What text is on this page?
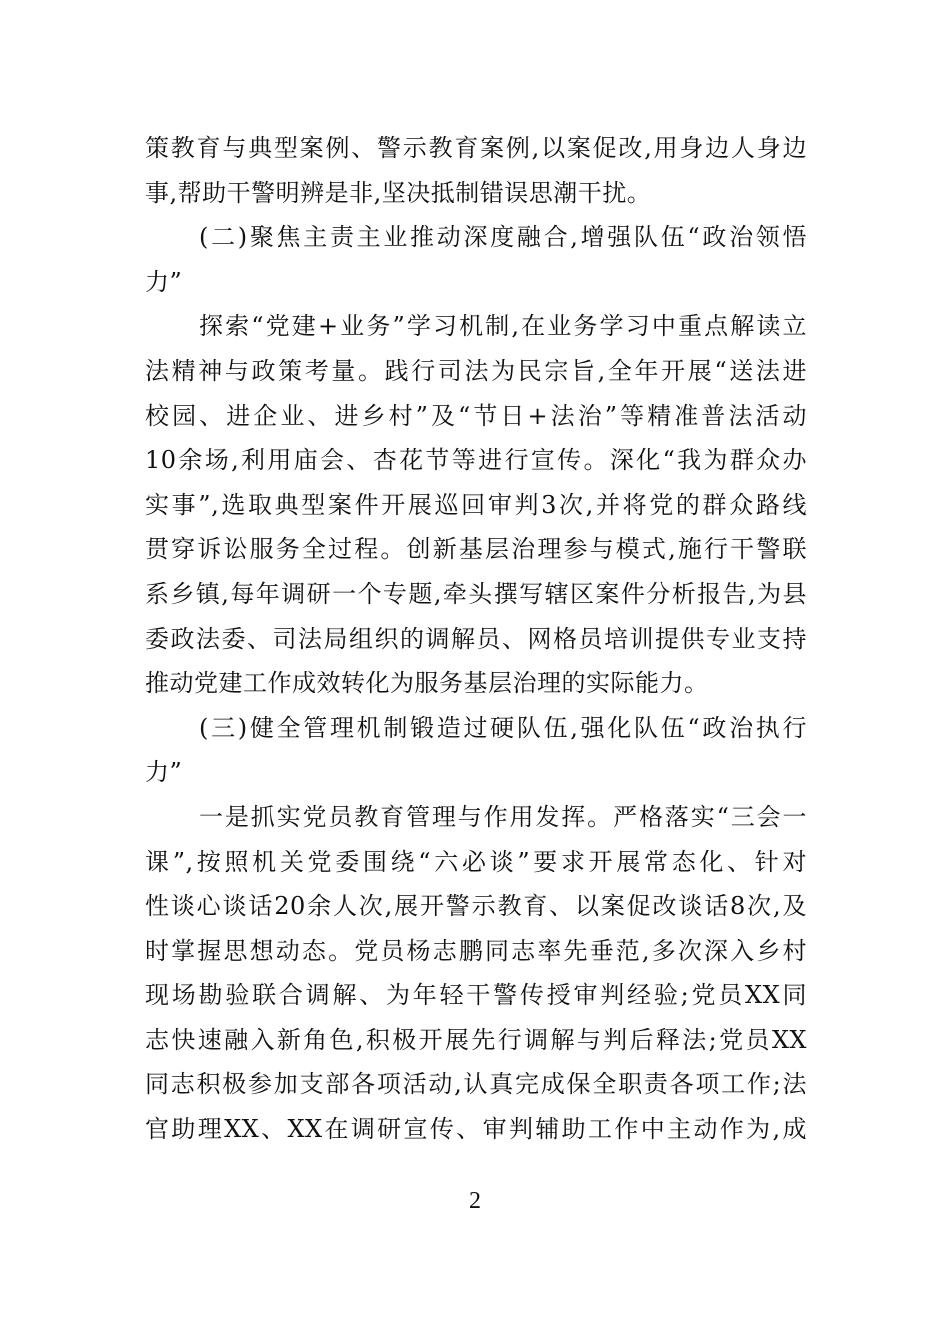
策教育与典型案例、警示教育案例,以案促改,用身边人身边
事,帮助干警明辨是非,坚决抵制错误思潮干扰。
(二)聚焦主责主业推动深度融合,增强队伍“政治领悟
力”
探索“党建+业务”学习机制,在业务学习中重点解读立
法精神与政策考量。践行司法为民宗旨,全年开展“送法进
校园、进企业、进乡村”及“节日+法治”等精准普法活动
10余场,利用庙会、杏花节等进行宣传。深化“我为群众办
实事”,选取典型案件开展巡回审判3次,并将党的群众路线
贯穿诉讼服务全过程。创新基层治理参与模式,施行干警联
系乡镇,每年调研一个专题,牵头撰写辖区案件分析报告,为县
委政法委、司法局组织的调解员、网格员培训提供专业支持
推动党建工作成效转化为服务基层治理的实际能力。
(三)健全管理机制锻造过硬队伍,强化队伍“政治执行
力”
一是抓实党员教育管理与作用发挥。严格落实“三会一
课”,按照机关党委围绕“六必谈”要求开展常态化、针对
性谈心谈话20余人次,展开警示教育、以案促改谈话8次,及
时掌握思想动态。党员杨志鹏同志率先垂范,多次深入乡村
现场勘验联合调解、为年轻干警传授审判经验;党员XX同
志快速融入新角色,积极开展先行调解与判后释法;党员XX
同志积极参加支部各项活动,认真完成保全职责各项工作;法
官助理XX、XX在调研宣传、审判辅助工作中主动作为,成
2
